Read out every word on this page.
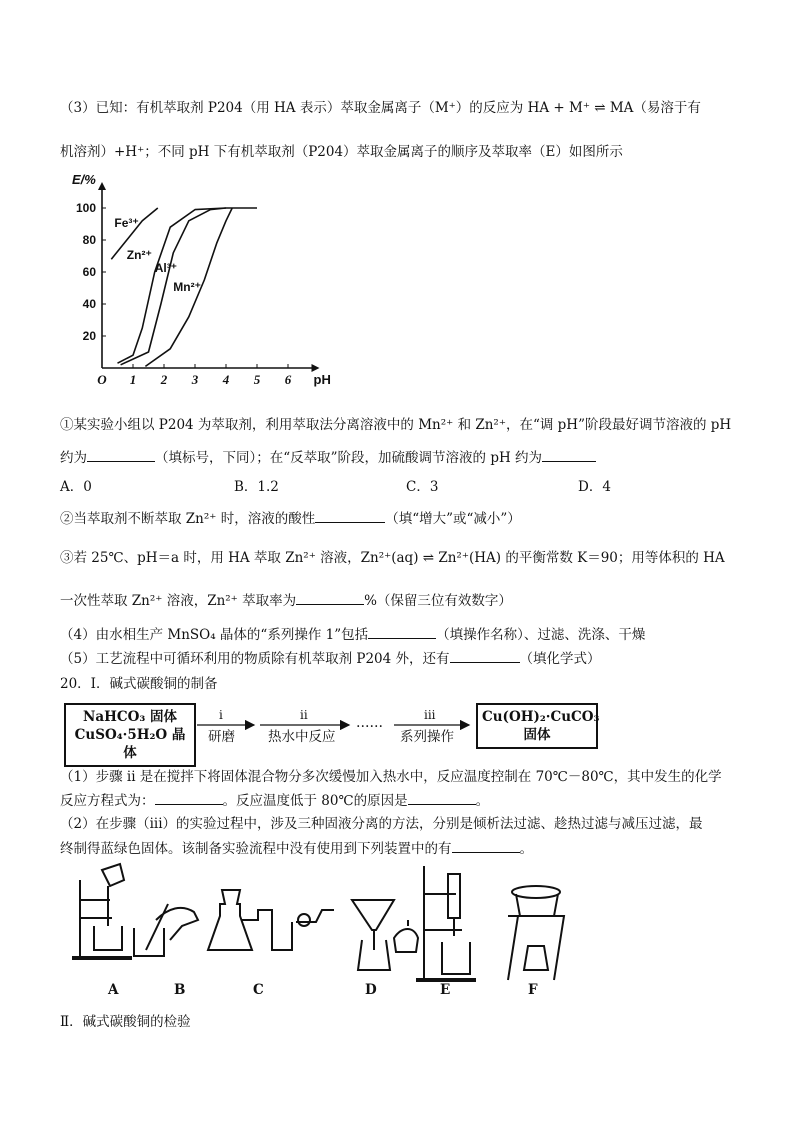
（3）已知：有机萃取剂 P204（用 HA 表示）萃取金属离子（M⁺）的反应为 HA + M⁺ ⇌ MA（易溶于有
机溶剂）+H⁺；不同 pH 下有机萃取剂（P204）萃取金属离子的顺序及萃取率（E）如图所示
O 1 2 3 4 5 6
20
40
60
80
100
E/%
pH
Fe³⁺
Zn²⁺
Al³⁺
Mn²⁺
①某实验小组以 P204 为萃取剂，利用萃取法分离溶液中的 Mn²⁺ 和 Zn²⁺，在“调 pH”阶段最好调节溶液的 pH
约为	（填标号，下同）；在“反萃取”阶段，加硫酸调节溶液的 pH 约为
A．0	B．1.2	C．3	D．4
②当萃取剂不断萃取 Zn²⁺ 时，溶液的酸性	（填“增大”或“减小”）
③若 25℃、pH＝a 时，用 HA 萃取 Zn²⁺ 溶液，Zn²⁺(aq) ⇌ Zn²⁺(HA) 的平衡常数 K＝90；用等体积的 HA
一次性萃取 Zn²⁺ 溶液，Zn²⁺ 萃取率为	%（保留三位有效数字）
（4）由水相生产 MnSO₄ 晶体的“系列操作 1”包括	（填操作名称）、过滤、洗涤、干燥
（5）工艺流程中可循环利用的物质除有机萃取剂 P204 外，还有	（填化学式）
20．Ⅰ．碱式碳酸铜的制备
NaHCO₃ 固体
CuSO₄·5H₂O 晶体
i
研磨
ii
热水中反应
……	iii
系列操作
Cu(OH)₂·CuCO₃
固体
（1）步骤 ii 是在搅拌下将固体混合物分多次缓慢加入热水中，反应温度控制在 70℃－80℃，其中发生的化学
反应方程式为：	。反应温度低于 80℃的原因是	。
（2）在步骤（iii）的实验过程中，涉及三种固液分离的方法，分别是倾析法过滤、趁热过滤与减压过滤，最
终制得蓝绿色固体。该制备实验流程中没有使用到下列装置中的有	。
A	B	C	D	E	F
Ⅱ．碱式碳酸铜的检验
